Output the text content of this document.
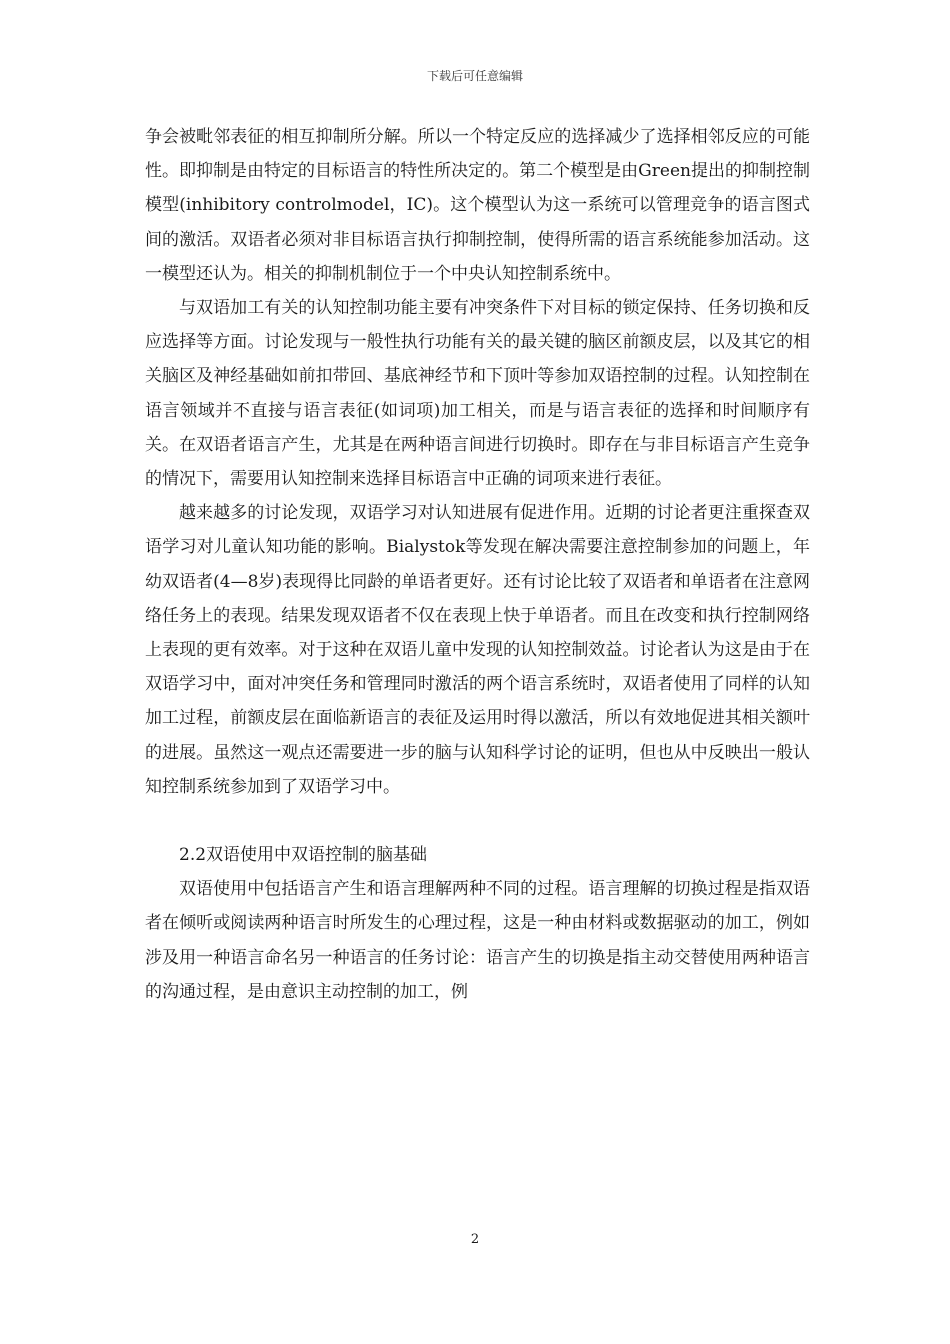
下载后可任意编辑

争会被毗邻表征的相互抑制所分解。所以一个特定反应的选择减少了选择相邻反应的可能性。即抑制是由特定的目标语言的特性所决定的。第二个模型是由Green提出的抑制控制模型(inhibitory controlmodel，IC)。这个模型认为这一系统可以管理竞争的语言图式间的激活。双语者必须对非目标语言执行抑制控制，使得所需的语言系统能参加活动。这一模型还认为。相关的抑制机制位于一个中央认知控制系统中。

与双语加工有关的认知控制功能主要有冲突条件下对目标的锁定保持、任务切换和反应选择等方面。讨论发现与一般性执行功能有关的最关键的脑区前额皮层，以及其它的相关脑区及神经基础如前扣带回、基底神经节和下顶叶等参加双语控制的过程。认知控制在语言领域并不直接与语言表征(如词项)加工相关，而是与语言表征的选择和时间顺序有关。在双语者语言产生，尤其是在两种语言间进行切换时。即存在与非目标语言产生竞争的情况下，需要用认知控制来选择目标语言中正确的词项来进行表征。

越来越多的讨论发现，双语学习对认知进展有促进作用。近期的讨论者更注重探查双语学习对儿童认知功能的影响。Bialystok等发现在解决需要注意控制参加的问题上，年幼双语者(4—8岁)表现得比同龄的单语者更好。还有讨论比较了双语者和单语者在注意网络任务上的表现。结果发现双语者不仅在表现上快于单语者。而且在改变和执行控制网络上表现的更有效率。对于这种在双语儿童中发现的认知控制效益。讨论者认为这是由于在双语学习中，面对冲突任务和管理同时激活的两个语言系统时，双语者使用了同样的认知加工过程，前额皮层在面临新语言的表征及运用时得以激活，所以有效地促进其相关额叶的进展。虽然这一观点还需要进一步的脑与认知科学讨论的证明，但也从中反映出一般认知控制系统参加到了双语学习中。

2.2双语使用中双语控制的脑基础

双语使用中包括语言产生和语言理解两种不同的过程。语言理解的切换过程是指双语者在倾听或阅读两种语言时所发生的心理过程，这是一种由材料或数据驱动的加工，例如涉及用一种语言命名另一种语言的任务讨论：语言产生的切换是指主动交替使用两种语言的沟通过程，是由意识主动控制的加工，例

2
